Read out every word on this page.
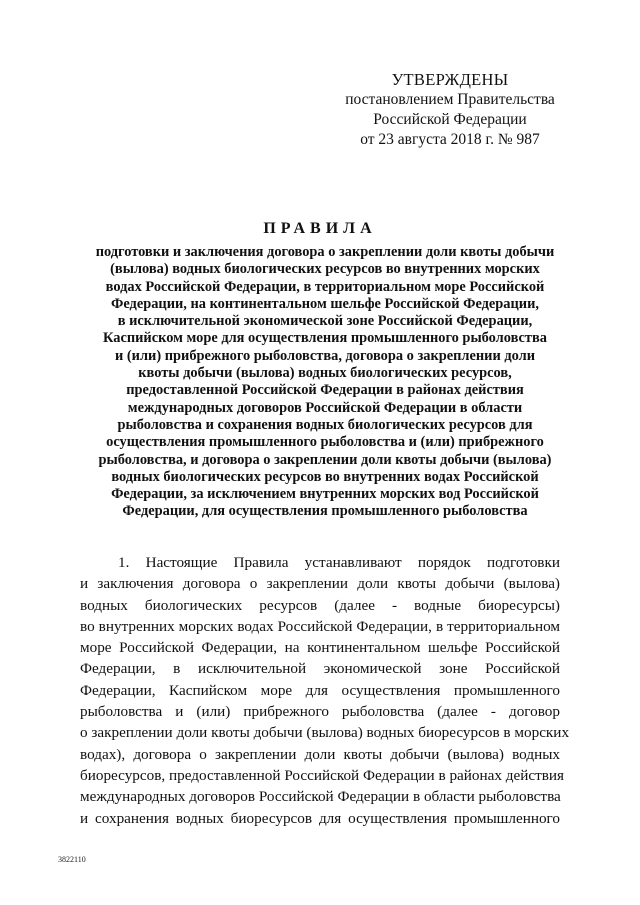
УТВЕРЖДЕНЫ
постановлением Правительства
Российской Федерации
от 23 августа 2018 г. № 987
ПРАВИЛА
подготовки и заключения договора о закреплении доли квоты добычи
(вылова) водных биологических ресурсов во внутренних морских
водах Российской Федерации, в территориальном море Российской
Федерации, на континентальном шельфе Российской Федерации,
в исключительной экономической зоне Российской Федерации,
Каспийском море для осуществления промышленного рыболовства
и (или) прибрежного рыболовства, договора о закреплении доли
квоты добычи (вылова) водных биологических ресурсов,
предоставленной Российской Федерации в районах действия
международных договоров Российской Федерации в области
рыболовства и сохранения водных биологических ресурсов для
осуществления промышленного рыболовства и (или) прибрежного
рыболовства, и договора о закреплении доли квоты добычи (вылова)
водных биологических ресурсов во внутренних водах Российской
Федерации, за исключением внутренних морских вод Российской
Федерации, для осуществления промышленного рыболовства
1. Настоящие Правила устанавливают порядок подготовки
и заключения договора о закреплении доли квоты добычи (вылова)
водных биологических ресурсов (далее - водные биоресурсы)
во внутренних морских водах Российской Федерации, в территориальном
море Российской Федерации, на континентальном шельфе Российской
Федерации, в исключительной экономической зоне Российской
Федерации, Каспийском море для осуществления промышленного
рыболовства и (или) прибрежного рыболовства (далее - договор
о закреплении доли квоты добычи (вылова) водных биоресурсов в морских
водах), договора о закреплении доли квоты добычи (вылова) водных
биоресурсов, предоставленной Российской Федерации в районах действия
международных договоров Российской Федерации в области рыболовства
и сохранения водных биоресурсов для осуществления промышленного
3822110
